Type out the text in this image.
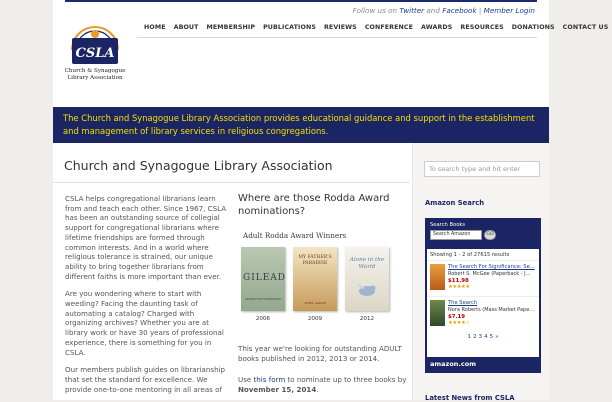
Follow us on Twitter and Facebook | Member Login
CSLA
Church & Synagogue
Library Association
HOME	ABOUT	MEMBERSHIP	PUBLICATIONS	REVIEWS	CONFERENCE	AWARDS	RESOURCES	DONATIONS	CONTACT US

The Church and Synagogue Library Association provides educational guidance and support in the establishment and management of library services in religious congregations.

Church and Synagogue Library Association

CSLA helps congregational librarians learn from and teach each other. Since 1967, CSLA has been an outstanding source of collegial support for congregational librarians where lifetime friendships are formed through common interests. And in a world where religious tolerance is strained, our unique ability to bring together librarians from different faiths is more important than ever.

Are you wondering where to start with weeding? Facing the daunting task of automating a catalog? Charged with organizing archives? Whether you are at library work or have 30 years of professional experience, there is something for you in CSLA.

Our members publish guides on librarianship that set the standard for excellence. We provide one-to-one mentoring in all areas of

Where are those Rodda Award nominations?
Adult Rodda Award Winners
GILEAD
MARILYNNE ROBINSON
2006
MY FATHER'S PARADISE
ARIEL SABAR
2009
Alone in the World
2012

This year we're looking for outstanding ADULT books published in 2012, 2013 or 2014.

Use this form to nominate up to three books by November 15, 2014.

To search type and hit enter
Amazon Search
Search Books
Search Amazon	GO
Showing 1 - 2 of 27615 results
The Search For Significance: Se...
Robert S. McGee (Paperback - J...
$11.98
★★★★★
The Search
Nora Roberts (Mass Market Pape...
$7.19
★★★★☆
1 2 3 4 5 »
amazon.com
Latest News from CSLA
